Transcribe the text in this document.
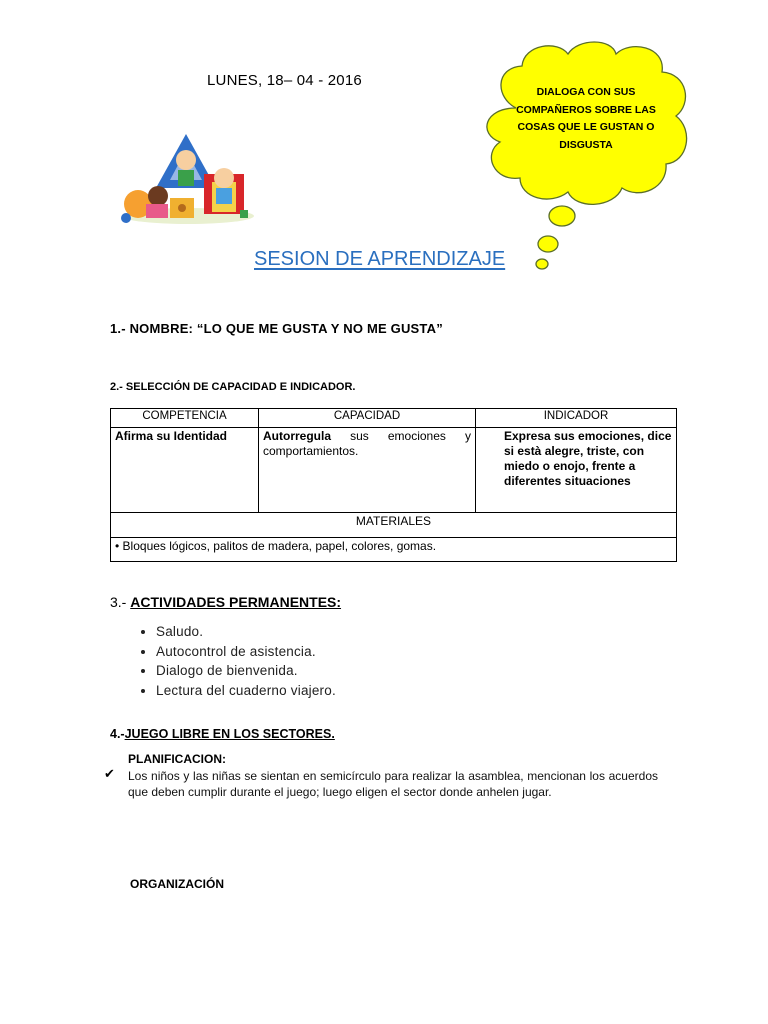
LUNES, 18– 04 - 2016
DIALOGA CON SUS COMPAÑEROS SOBRE LAS COSAS QUE LE GUSTAN O DISGUSTA
SESION DE APRENDIZAJE
1.- NOMBRE: “LO QUE ME GUSTA Y NO ME GUSTA”
2.- SELECCIÓN DE CAPACIDAD E INDICADOR.
COMPETENCIA	CAPACIDAD	INDICADOR
Afirma su Identidad	Autorregula sus emociones y comportamientos.	Expresa sus emociones, dice si està alegre, triste, con miedo o enojo, frente a diferentes situaciones
MATERIALES		
• Bloques lógicos, palitos de madera, papel, colores, gomas.		
3.- ACTIVIDADES PERMANENTES:
• Saludo.
• Autocontrol de asistencia.
• Dialogo de bienvenida.
• Lectura del cuaderno viajero.
4.-JUEGO LIBRE EN LOS SECTORES.
PLANIFICACION:
✔ Los niños y las niñas se sientan en semicírculo para realizar la asamblea, mencionan los acuerdos que deben cumplir durante el juego; luego eligen el sector donde anhelen jugar.
ORGANIZACIÓN
